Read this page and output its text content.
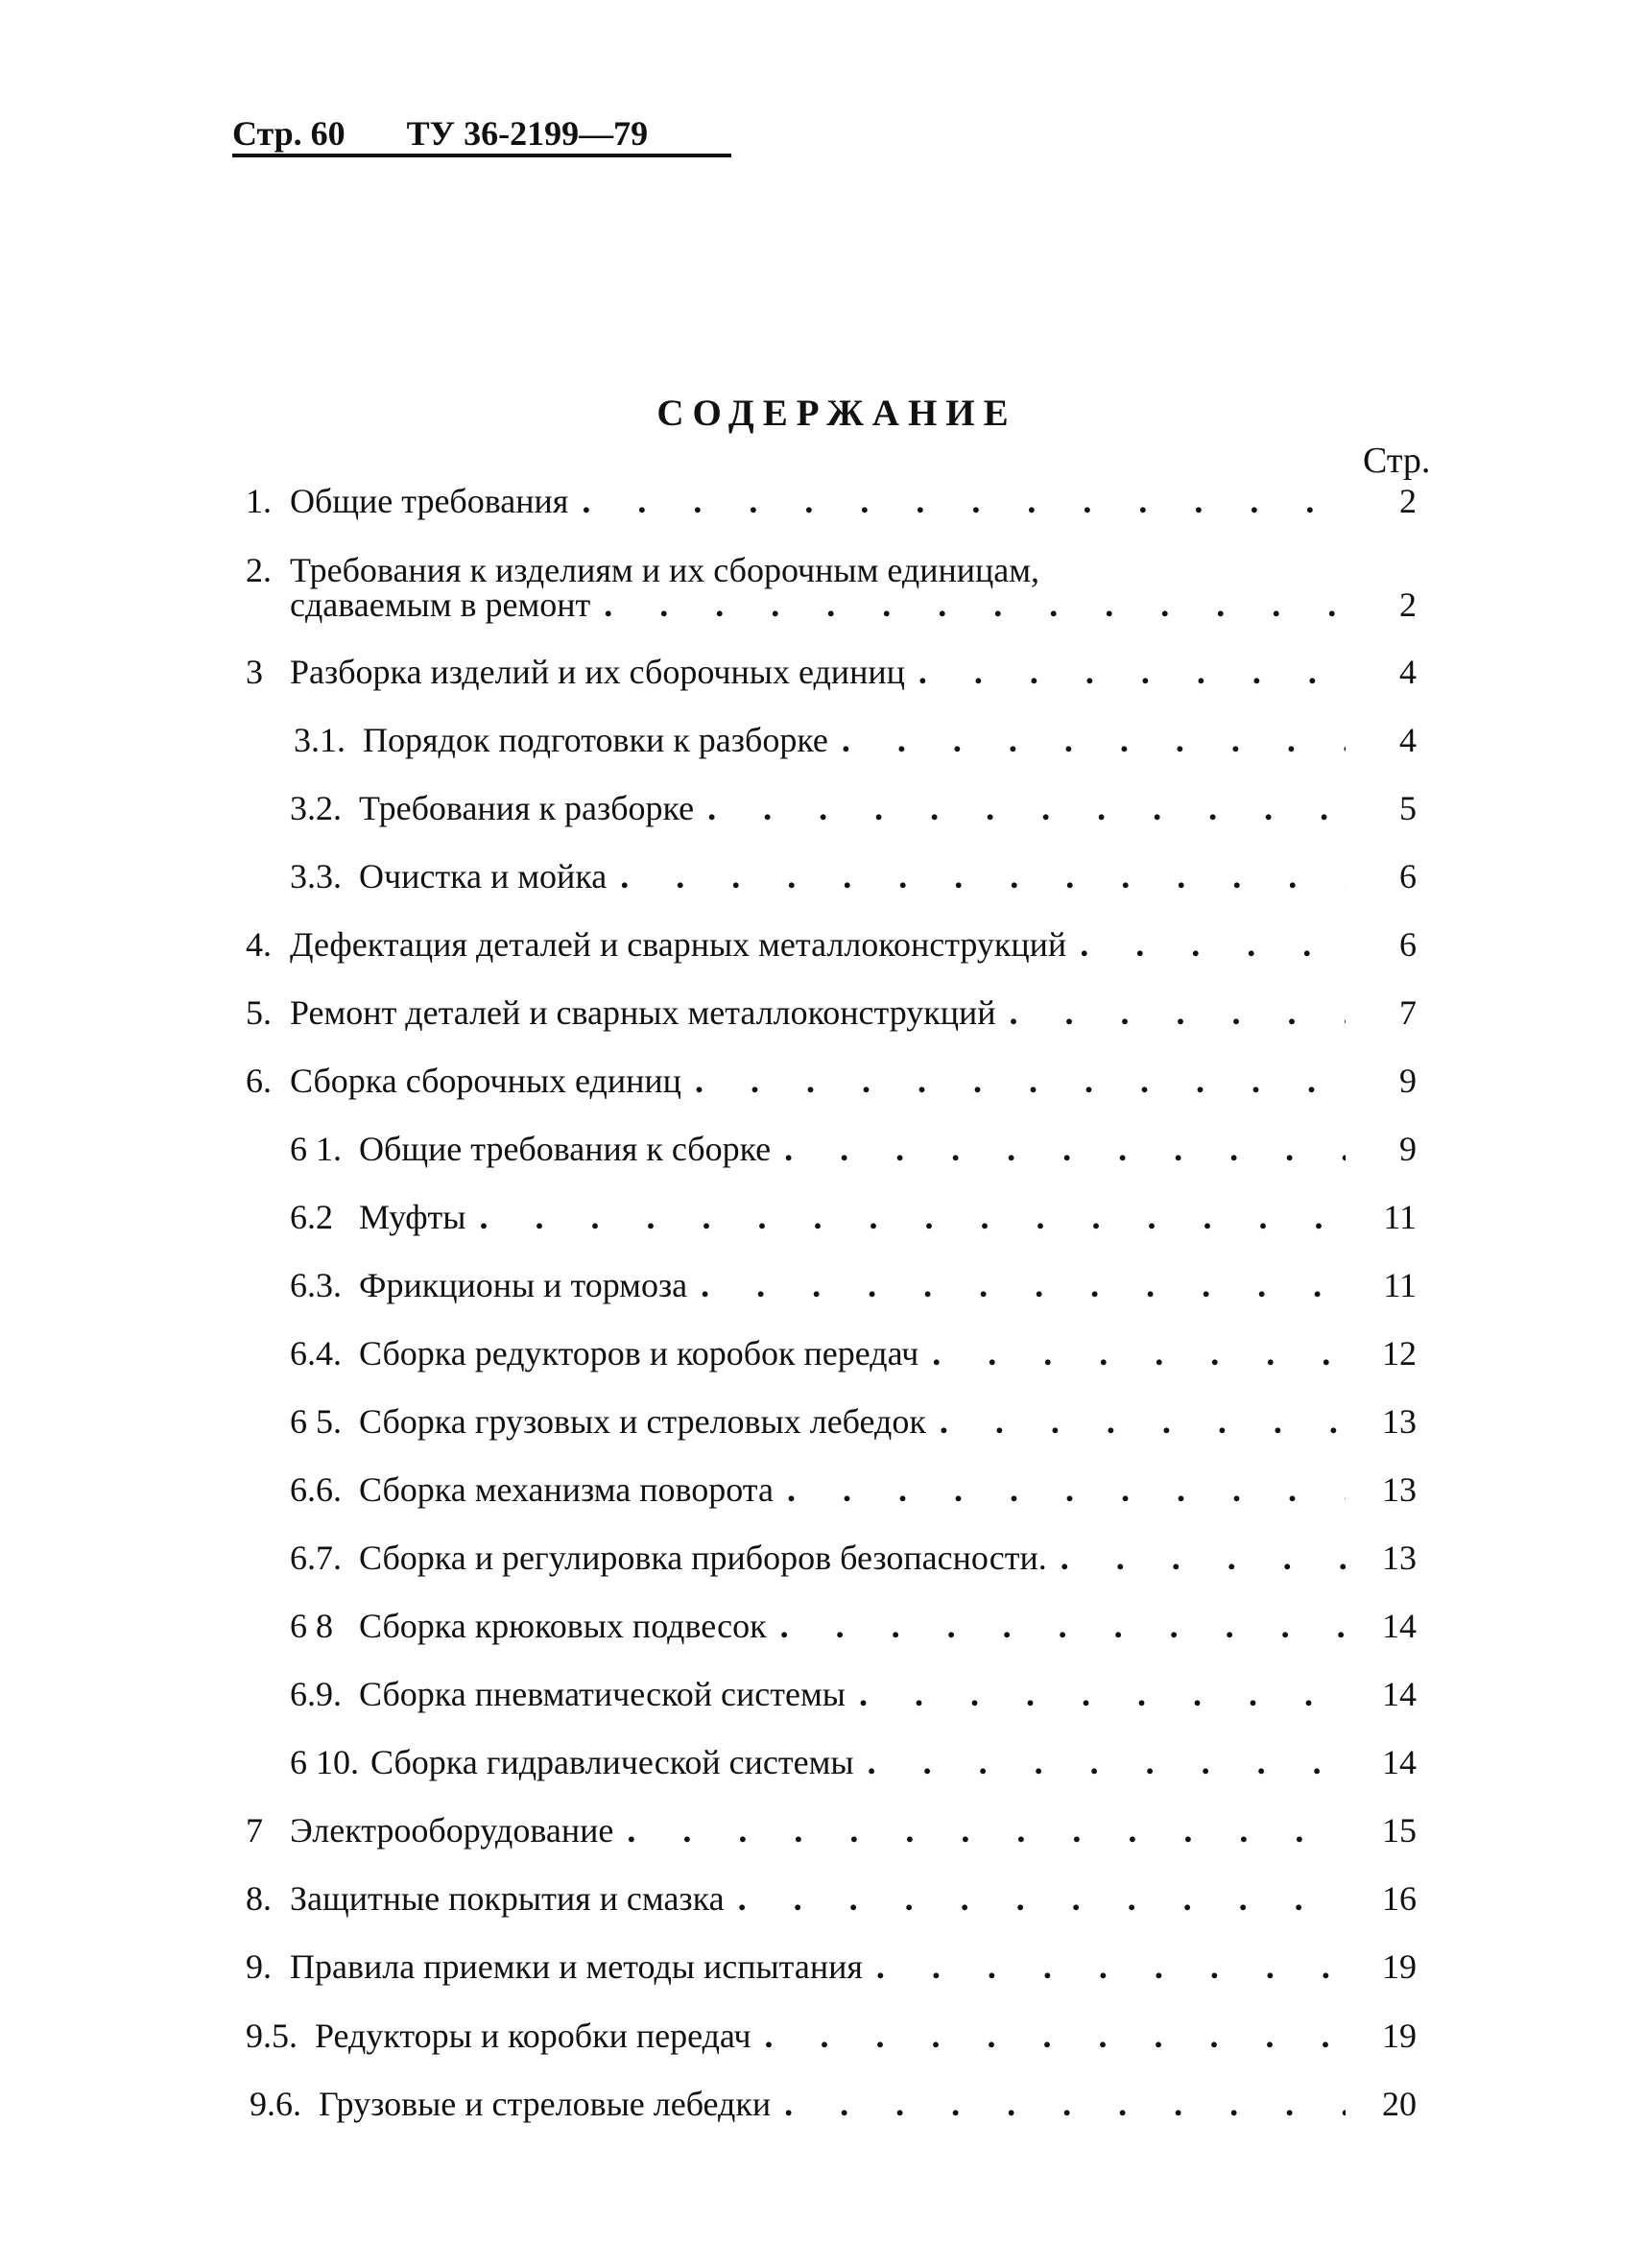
Стр. 60 ТУ 36-2199—79
СОДЕРЖАНИЕ
Стр.
1. Общие требования . . .	2
2. Требования к изделиям и их сборочным единицам,
сдаваемым в ремонт . . .	2
3 Разборка изделий и их сборочных единиц . . .	4
3.1. Порядок подготовки к разборке . . .	4
3.2. Требования к разборке . . .	5
3.3. Очистка и мойка . . .	6
4. Дефектация деталей и сварных металлоконструкций . . .	6
5. Ремонт деталей и сварных металлоконструкций . . .	7
6. Сборка сборочных единиц . . .	9
6 1. Общие требования к сборке . . .	9
6.2 Муфты . . .	11
6.3. Фрикционы и тормоза . . .	11
6.4. Сборка редукторов и коробок передач . . .	12
6 5. Сборка грузовых и стреловых лебедок . . .	13
6.6. Сборка механизма поворота . . .	13
6.7. Сборка и регулировка приборов безопасности. . . .	13
6 8 Сборка крюковых подвесок . . .	14
6.9. Сборка пневматической системы . . .	14
6 10. Сборка гидравлической системы . . .	14
7 Электрооборудование . . .	15
8. Защитные покрытия и смазка . . .	16
9. Правила приемки и методы испытания . . .	19
9.5. Редукторы и коробки передач . . .	19
9.6. Грузовые и стреловые лебедки . . .	20
